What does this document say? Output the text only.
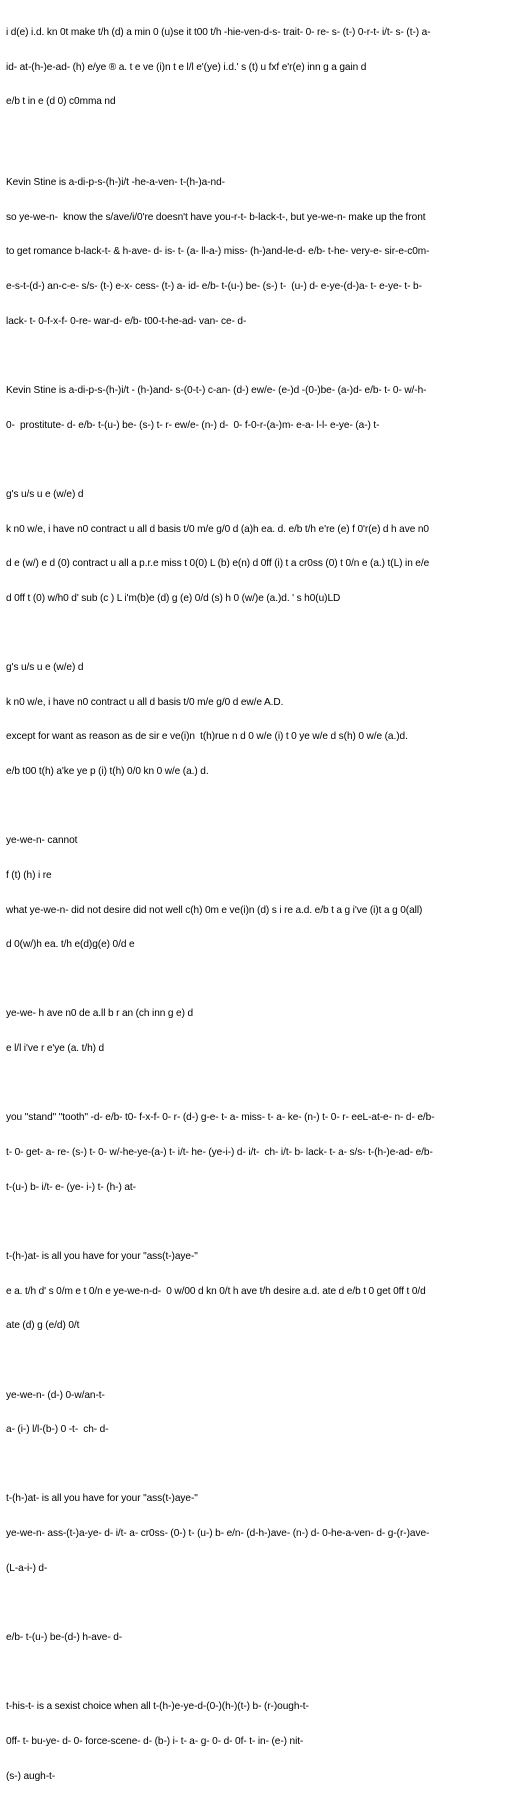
i d(e) i.d. kn 0t make t/h (d) a min 0 (u)se it t00 t/h -hie-ven-d-s- trait- 0- re- s- (t-) 0-r-t- i/t- s- (t-) a-

id- at-(h-)e-ad- (h) e/ye ® a. t e ve (i)n t e l/l e'(ye) i.d.' s (t) u fxf e'r(e) inn g a gain d

e/b t in e (d 0) c0mma nd

Kevin Stine is a-di-p-s-(h-)i/t -he-a-ven- t-(h-)a-nd-

so ye-we-n-  know the s/ave/i/0're doesn't have you-r-t- b-lack-t-, but ye-we-n- make up the front

to get romance b-lack-t- & h-ave- d- is- t- (a- ll-a-) miss- (h-)and-le-d- e/b- t-he- very-e- sir-e-c0m-

e-s-t-(d-) an-c-e- s/s- (t-) e-x- cess- (t-) a- id- e/b- t-(u-) be- (s-) t-  (u-) d- e-ye-(d-)a- t- e-ye- t- b-

lack- t- 0-f-x-f- 0-re- war-d- e/b- t00-t-he-ad- van- ce- d-

Kevin Stine is a-di-p-s-(h-)i/t - (h-)and- s-(0-t-) c-an- (d-) ew/e- (e-)d -(0-)be- (a-)d- e/b- t- 0- w/-h-

0-  prostitute- d- e/b- t-(u-) be- (s-) t- r- ew/e- (n-) d-  0- f-0-r-(a-)m- e-a- l-l- e-ye- (a-) t-

g's u/s u e (w/e) d

k n0 w/e, i have n0 contract u all d basis t/0 m/e g/0 d (a)h ea. d. e/b t/h e're (e) f 0'r(e) d h ave n0

d e (w/) e d (0) contract u all a p.r.e miss t 0(0) L (b) e(n) d 0ff (i) t a cr0ss (0) t 0/n e (a.) t(L) in e/e

d 0ff t (0) w/h0 d' sub (c ) L i'm(b)e (d) g (e) 0/d (s) h 0 (w/)e (a.)d. ' s h0(u)LD

g's u/s u e (w/e) d

k n0 w/e, i have n0 contract u all d basis t/0 m/e g/0 d ew/e A.D.

except for want as reason as de sir e ve(i)n  t(h)rue n d 0 w/e (i) t 0 ye w/e d s(h) 0 w/e (a.)d.

e/b t00 t(h) a'ke ye p (i) t(h) 0/0 kn 0 w/e (a.) d.

ye-we-n- cannot

f (t) (h) i re

what ye-we-n- did not desire did not well c(h) 0m e ve(i)n (d) s i re a.d. e/b t a g i've (i)t a g 0(all)

d 0(w/)h ea. t/h e(d)g(e) 0/d e

ye-we- h ave n0 de a.ll b r an (ch inn g e) d

e l/l i've r e'ye (a. t/h) d

you "stand" "tooth" -d- e/b- t0- f-x-f- 0- r- (d-) g-e- t- a- miss- t- a- ke- (n-) t- 0- r- eeL-at-e- n- d- e/b-

t- 0- get- a- re- (s-) t- 0- w/-he-ye-(a-) t- i/t- he- (ye-i-) d- i/t-  ch- i/t- b- lack- t- a- s/s- t-(h-)e-ad- e/b-

t-(u-) b- i/t- e- (ye- i-) t- (h-) at-

t-(h-)at- is all you have for your "ass(t-)aye-"

e a. t/h d' s 0/m e t 0/n e ye-we-n-d-  0 w/00 d kn 0/t h ave t/h desire a.d. ate d e/b t 0 get 0ff t 0/d

ate (d) g (e/d) 0/t

ye-we-n- (d-) 0-w/an-t-

a- (i-) l/l-(b-) 0 -t-  ch- d-

t-(h-)at- is all you have for your "ass(t-)aye-"

ye-we-n- ass-(t-)a-ye- d- i/t- a- cr0ss- (0-) t- (u-) b- e/n- (d-h-)ave- (n-) d- 0-he-a-ven- d- g-(r-)ave-

(L-a-i-) d-

e/b- t-(u-) be-(d-) h-ave- d-

t-his-t- is a sexist choice when all t-(h-)e-ye-d-(0-)(h-)(t-) b- (r-)ough-t-

0ff- t- bu-ye- d- 0- force-scene- d- (b-) i- t- a- g- 0- d- 0f- t- in- (e-) nit-

(s-) augh-t-
